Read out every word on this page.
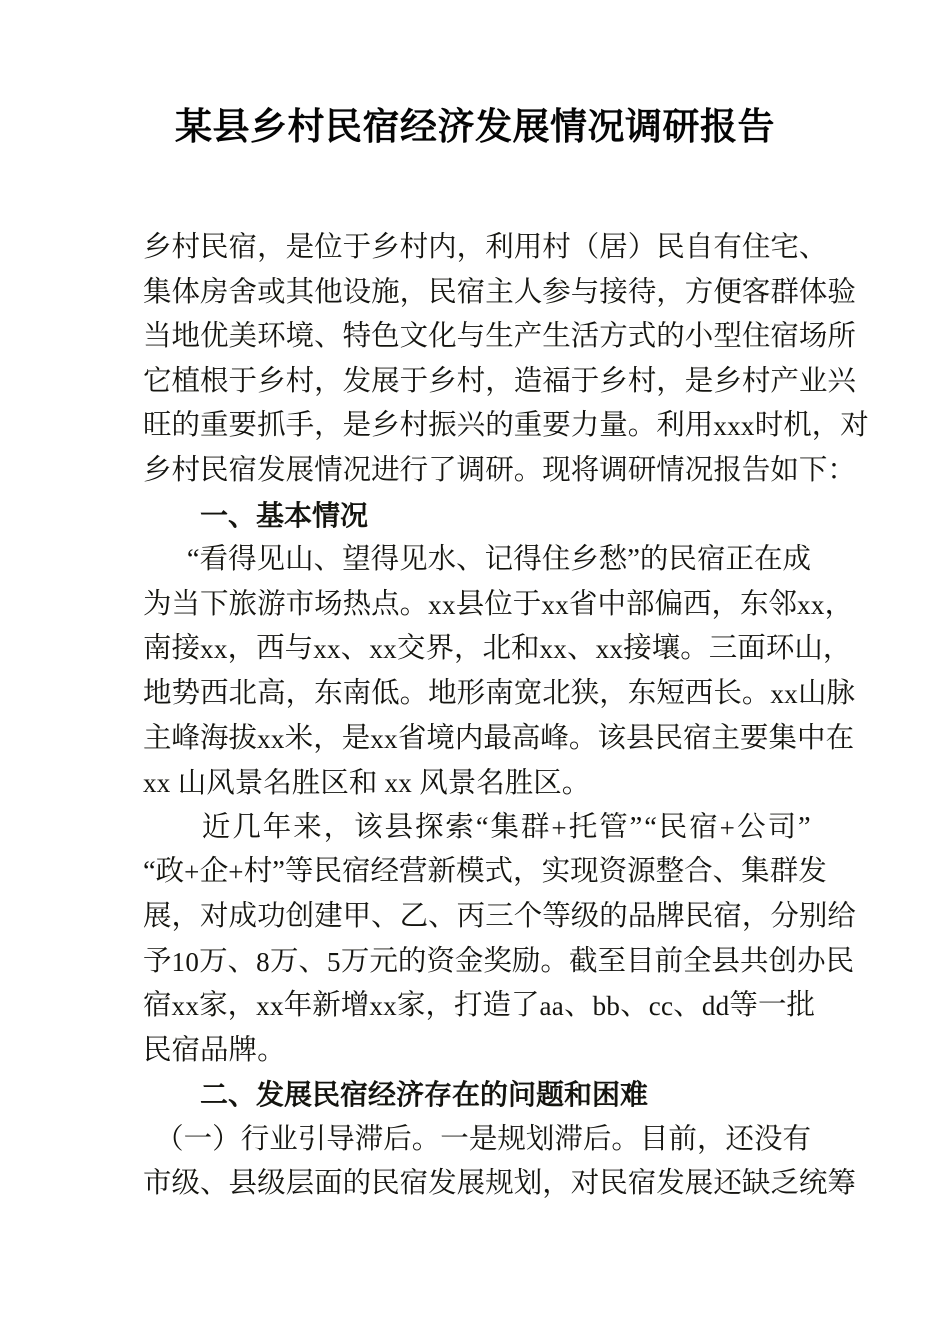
某县乡村民宿经济发展情况调研报告
乡 村 民 宿 ， 是 位 于 乡 村 内 ， 利 用 村 （ 居 ） 民 自 有 住 宅 、
集 体 房 舍 或 其 他 设 施 ， 民 宿 主 人 参 与 接 待 ， 方 便 客 群 体 验
当 地 优 美 环 境 、 特 色 文 化 与 生 产 生 活 方 式 的 小 型 住 宿 场 所
它 植 根 于 乡 村 ， 发 展 于 乡 村 ， 造 福 于 乡 村 ， 是 乡 村 产 业 兴
旺 的 重 要 抓 手 ， 是 乡 村 振 兴 的 重 要 力 量 。 利 用 xxx 时 机 ， 对
乡村民宿发展情况进行了调研。现将调研情况报告如下：
一、基本情况
“ 看 得 见 山 、 望 得 见 水 、 记 得 住 乡 愁 ” 的 民 宿 正 在 成
为 当 下 旅 游 市 场 热 点 。 xx 县 位 于 xx 省 中 部 偏 西 ， 东 邻 xx ，
南 接 xx ， 西 与 xx 、 xx 交 界 ， 北 和 xx 、 xx 接 壤 。 三 面 环 山 ，
地 势 西 北 高 ， 东 南 低 。 地 形 南 宽 北 狭 ， 东 短 西 长 。 xx 山 脉
主 峰 海 拔 xx 米 ， 是 xx 省 境 内 最 高 峰 。 该 县 民 宿 主 要 集 中 在
xx 山风景名胜区和 xx 风景名胜区。
近 几 年 来 ， 该 县 探 索 “ 集 群 + 托 管 ” “ 民 宿 + 公 司 ”
“ 政 + 企 + 村 ” 等 民 宿 经 营 新 模 式 ， 实 现 资 源 整 合 、 集 群 发
展 ， 对 成 功 创 建 甲 、 乙 、 丙 三 个 等 级 的 品 牌 民 宿 ， 分 别 给
予 10 万 、 8 万 、 5 万 元 的 资 金 奖 励 。 截 至 目 前 全 县 共 创 办 民
宿 xx 家 ， xx 年 新 增 xx 家 ， 打 造 了 aa 、 bb 、 cc 、 dd 等 一 批
民宿品牌。
二、发展民宿经济存在的问题和困难
（ 一 ） 行 业 引 导 滞 后 。 一 是 规 划 滞 后 。 目 前 ， 还 没 有
市 级 、 县 级 层 面 的 民 宿 发 展 规 划 ， 对 民 宿 发 展 还 缺 乏 统 筹
